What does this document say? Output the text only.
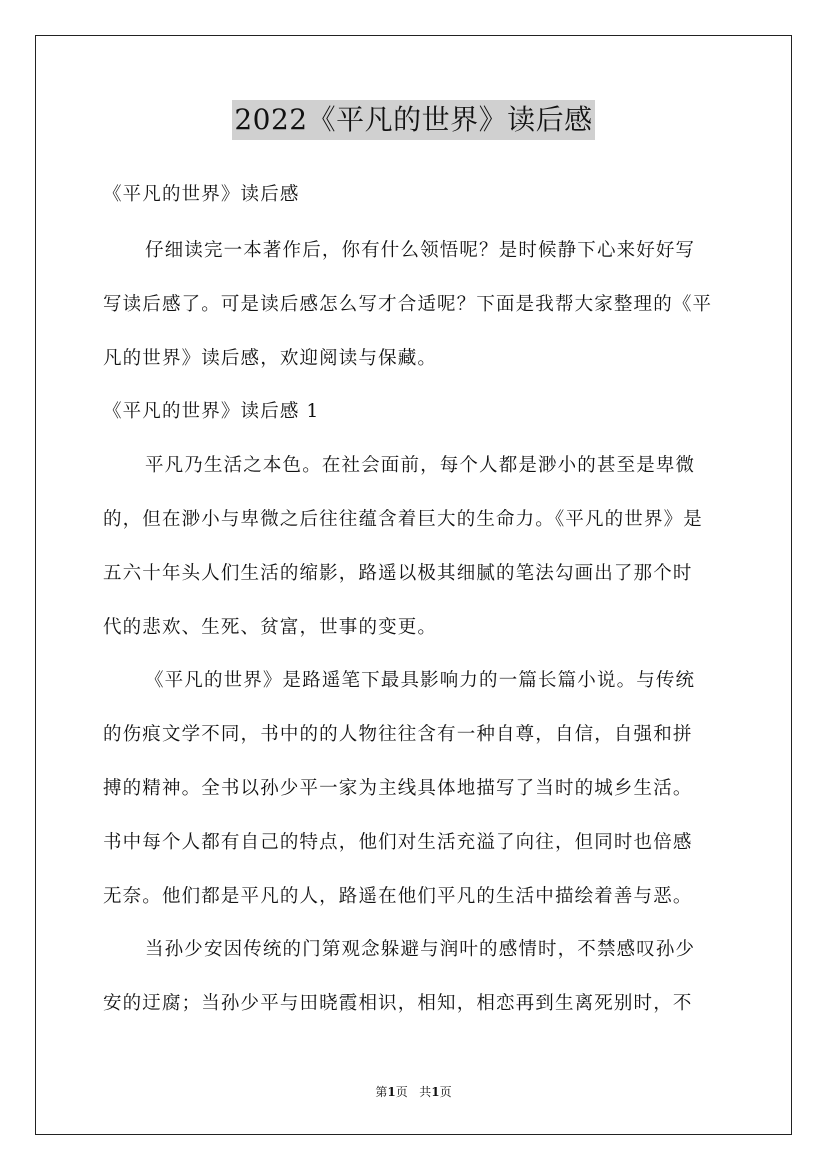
2022《平凡的世界》读后感
《平凡的世界》读后感
仔细读完一本著作后，你有什么领悟呢？是时候静下心来好好写
写读后感了。可是读后感怎么写才合适呢？下面是我帮大家整理的《平
凡的世界》读后感，欢迎阅读与保藏。
《平凡的世界》读后感 1
平凡乃生活之本色。在社会面前，每个人都是渺小的甚至是卑微
的，但在渺小与卑微之后往往蕴含着巨大的生命力。《平凡的世界》是
五六十年头人们生活的缩影，路遥以极其细腻的笔法勾画出了那个时
代的悲欢、生死、贫富，世事的变更。
《平凡的世界》是路遥笔下最具影响力的一篇长篇小说。与传统
的伤痕文学不同，书中的的人物往往含有一种自尊，自信，自强和拼
搏的精神。全书以孙少平一家为主线具体地描写了当时的城乡生活。
书中每个人都有自己的特点，他们对生活充溢了向往，但同时也倍感
无奈。他们都是平凡的人，路遥在他们平凡的生活中描绘着善与恶。
当孙少安因传统的门第观念躲避与润叶的感情时，不禁感叹孙少
安的迂腐；当孙少平与田晓霞相识，相知，相恋再到生离死别时，不
第1页 共1页
